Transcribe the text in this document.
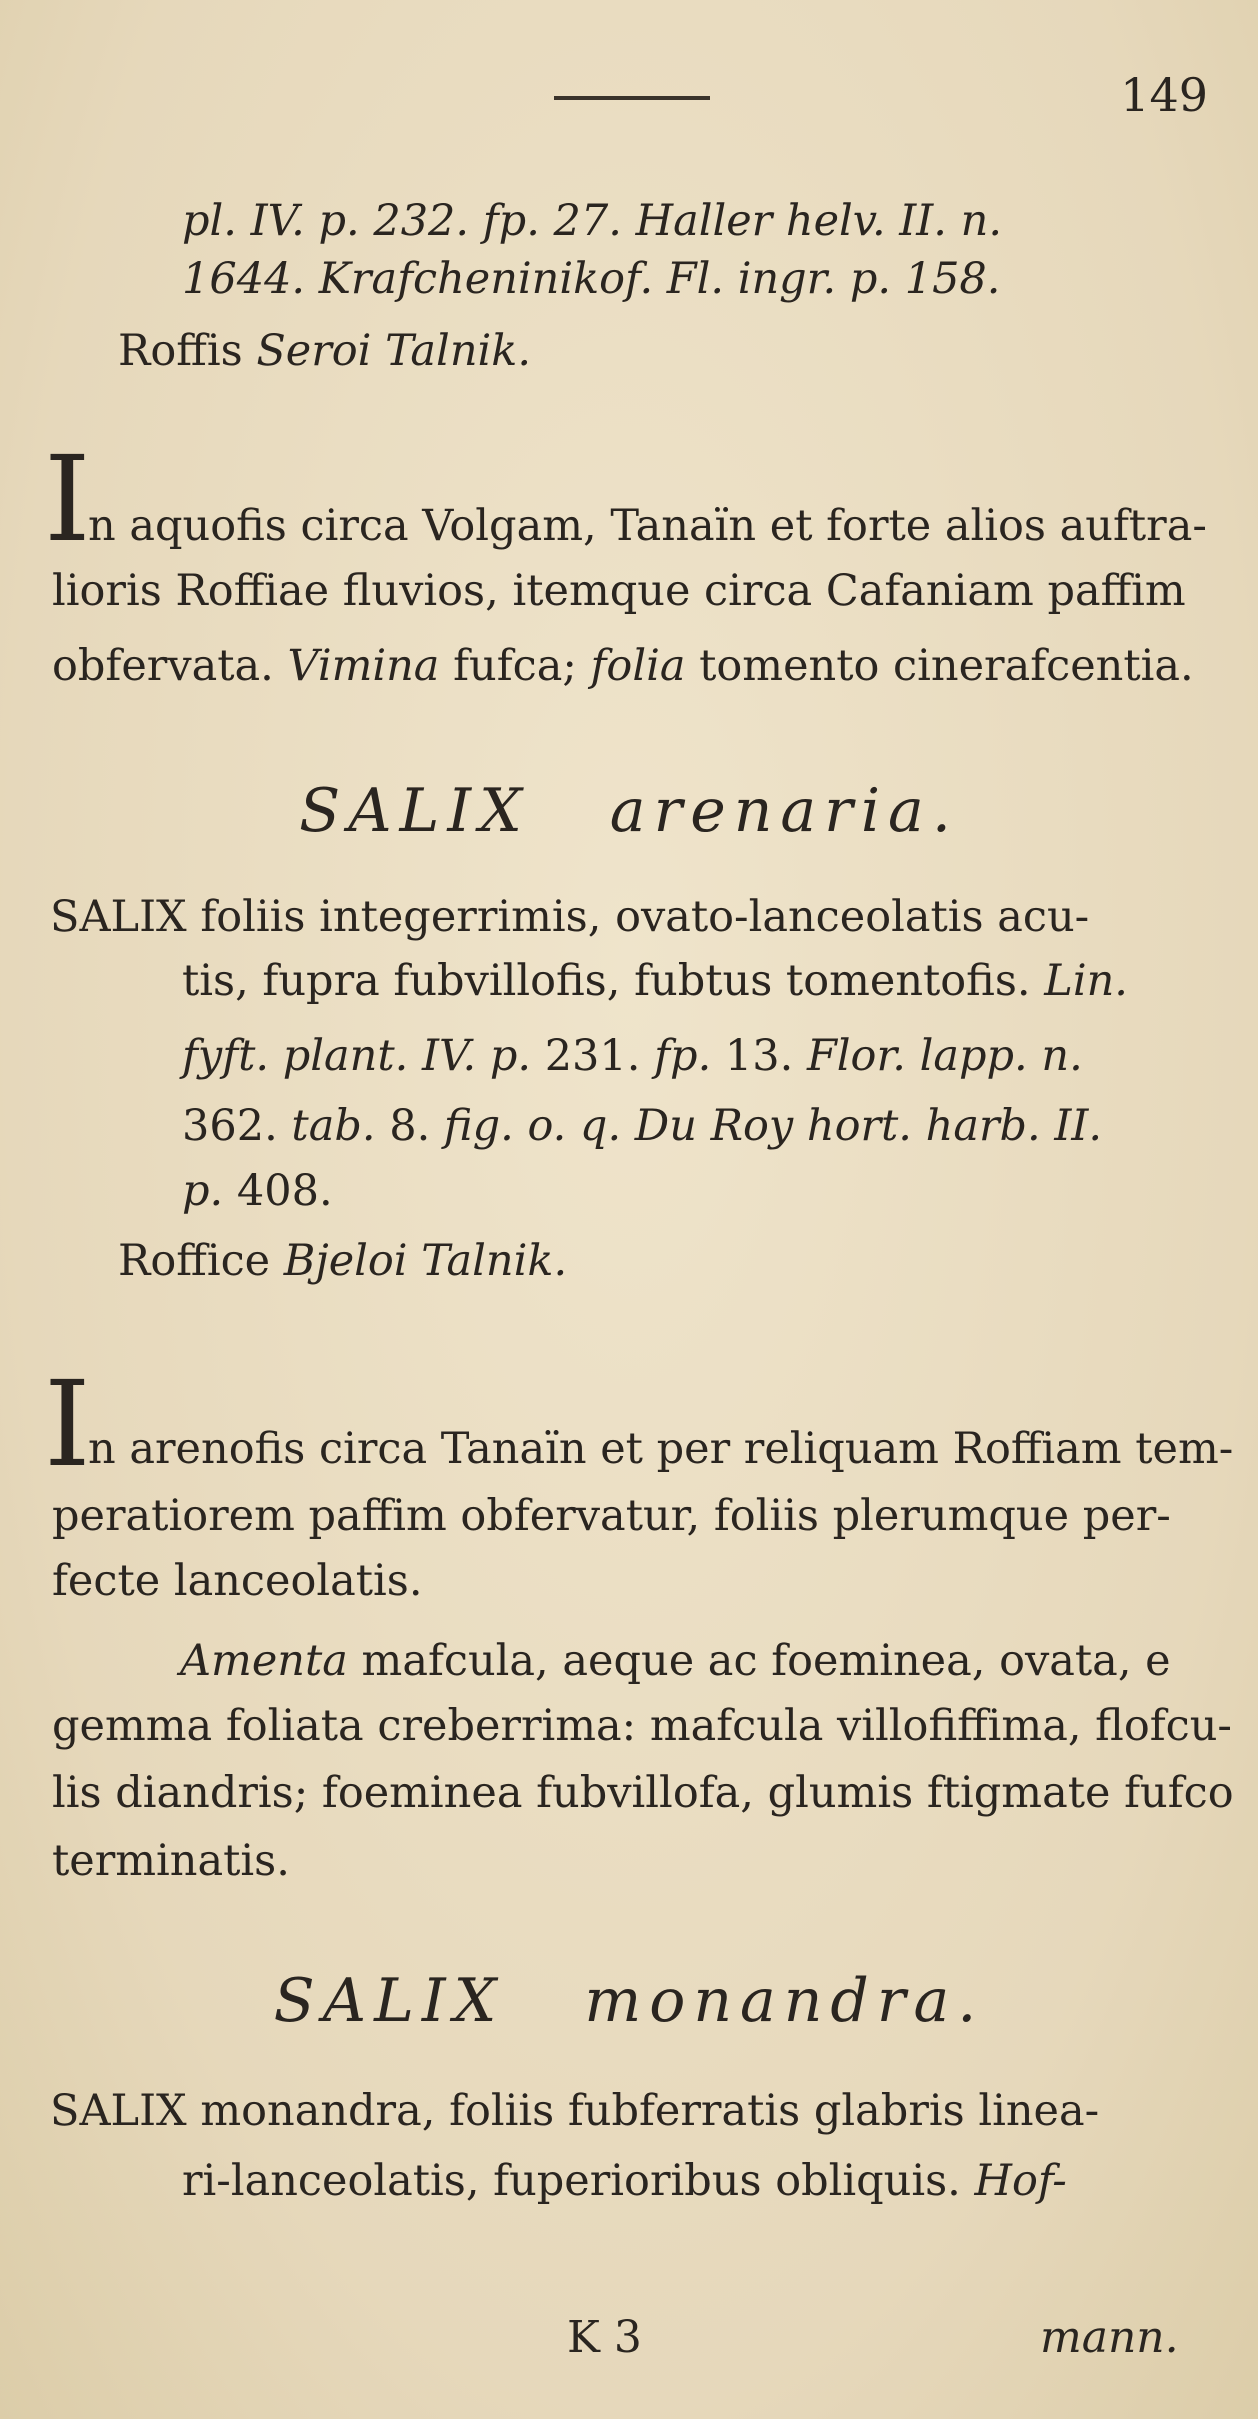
149
pl. IV. p. 232. fp. 27. Haller helv. II. n.
1644. Krafcheninikof. Fl. ingr. p. 158.
Roffis Seroi Talnik.
I
n aquofis circa Volgam, Tanaïn et forte alios auftra-
lioris Roffiae fluvios, itemque circa Cafaniam paffim
obfervata. Vimina fufca; folia tomento cinerafcentia.
SALIX arenaria.
SALIX foliis integerrimis, ovato-lanceolatis acu-
tis, fupra fubvillofis, fubtus tomentofis. Lin.
fyft. plant. IV. p. 231. fp. 13. Flor. lapp. n.
362. tab. 8. fig. o. q. Du Roy hort. harb. II.
p. 408.
Roffice Bjeloi Talnik.
I
n arenofis circa Tanaïn et per reliquam Roffiam tem-
peratiorem paffim obfervatur, foliis plerumque per-
fecte lanceolatis.
Amenta mafcula, aeque ac foeminea, ovata, e
gemma foliata creberrima: mafcula villofiffima, flofcu-
lis diandris; foeminea fubvillofa, glumis ftigmate fufco
terminatis.
SALIX monandra.
SALIX monandra, foliis fubferratis glabris linea-
ri-lanceolatis, fuperioribus obliquis. Hof-
K 3	mann.
